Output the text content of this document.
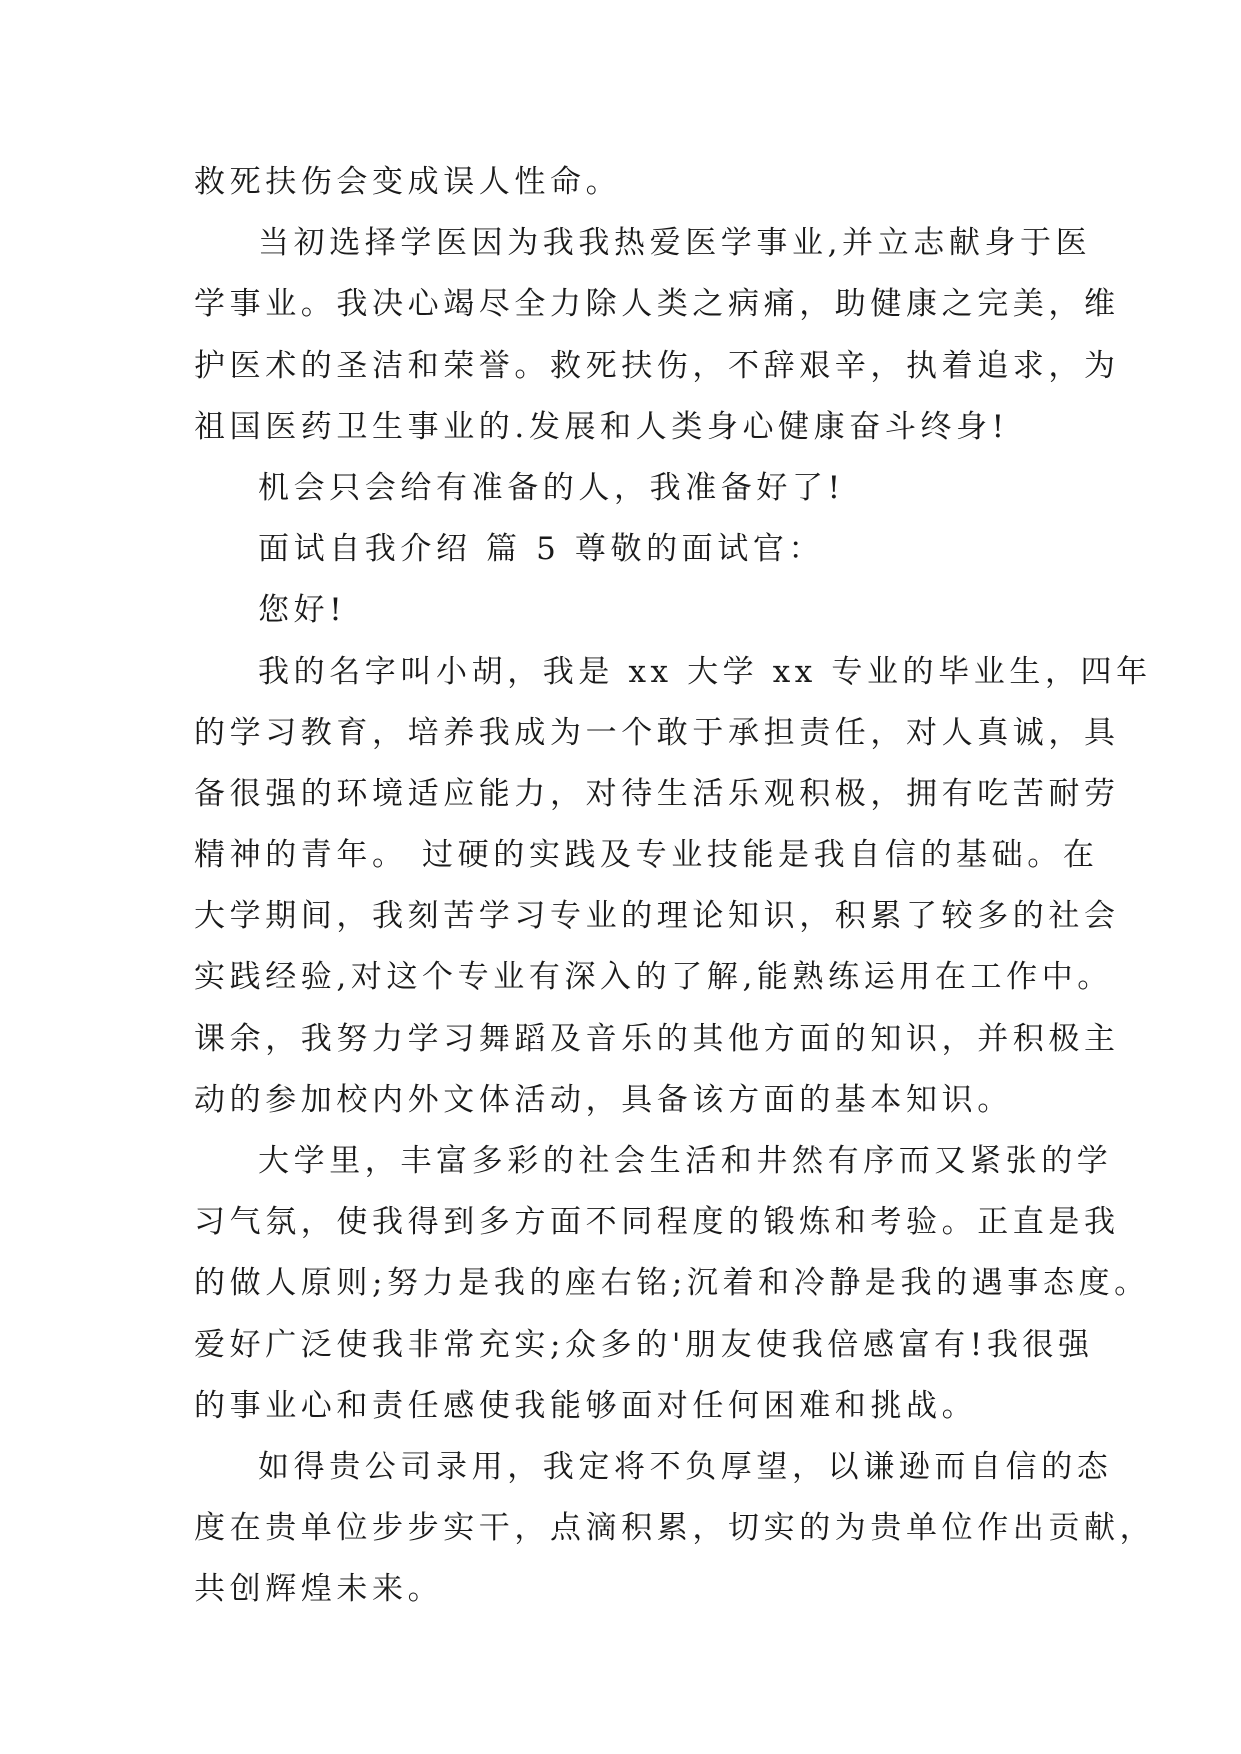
救死扶伤会变成误人性命。
当初选择学医因为我我热爱医学事业,并立志献身于医
学事业。我决心竭尽全力除人类之病痛，助健康之完美，维
护医术的圣洁和荣誉。救死扶伤，不辞艰辛，执着追求，为
祖国医药卫生事业的.发展和人类身心健康奋斗终身!
机会只会给有准备的人，我准备好了!
面试自我介绍 篇 5 尊敬的面试官：
您好!
我的名字叫小胡，我是 xx 大学 xx 专业的毕业生，四年
的学习教育，培养我成为一个敢于承担责任，对人真诚，具
备很强的环境适应能力，对待生活乐观积极，拥有吃苦耐劳
精神的青年。 过硬的实践及专业技能是我自信的基础。在
大学期间，我刻苦学习专业的理论知识，积累了较多的社会
实践经验,对这个专业有深入的了解,能熟练运用在工作中。
课余，我努力学习舞蹈及音乐的其他方面的知识，并积极主
动的参加校内外文体活动，具备该方面的基本知识。
大学里，丰富多彩的社会生活和井然有序而又紧张的学
习气氛，使我得到多方面不同程度的锻炼和考验。正直是我
的做人原则;努力是我的座右铭;沉着和冷静是我的遇事态度。
爱好广泛使我非常充实;众多的'朋友使我倍感富有!我很强
的事业心和责任感使我能够面对任何困难和挑战。
如得贵公司录用，我定将不负厚望，以谦逊而自信的态
度在贵单位步步实干，点滴积累，切实的为贵单位作出贡献，
共创辉煌未来。
